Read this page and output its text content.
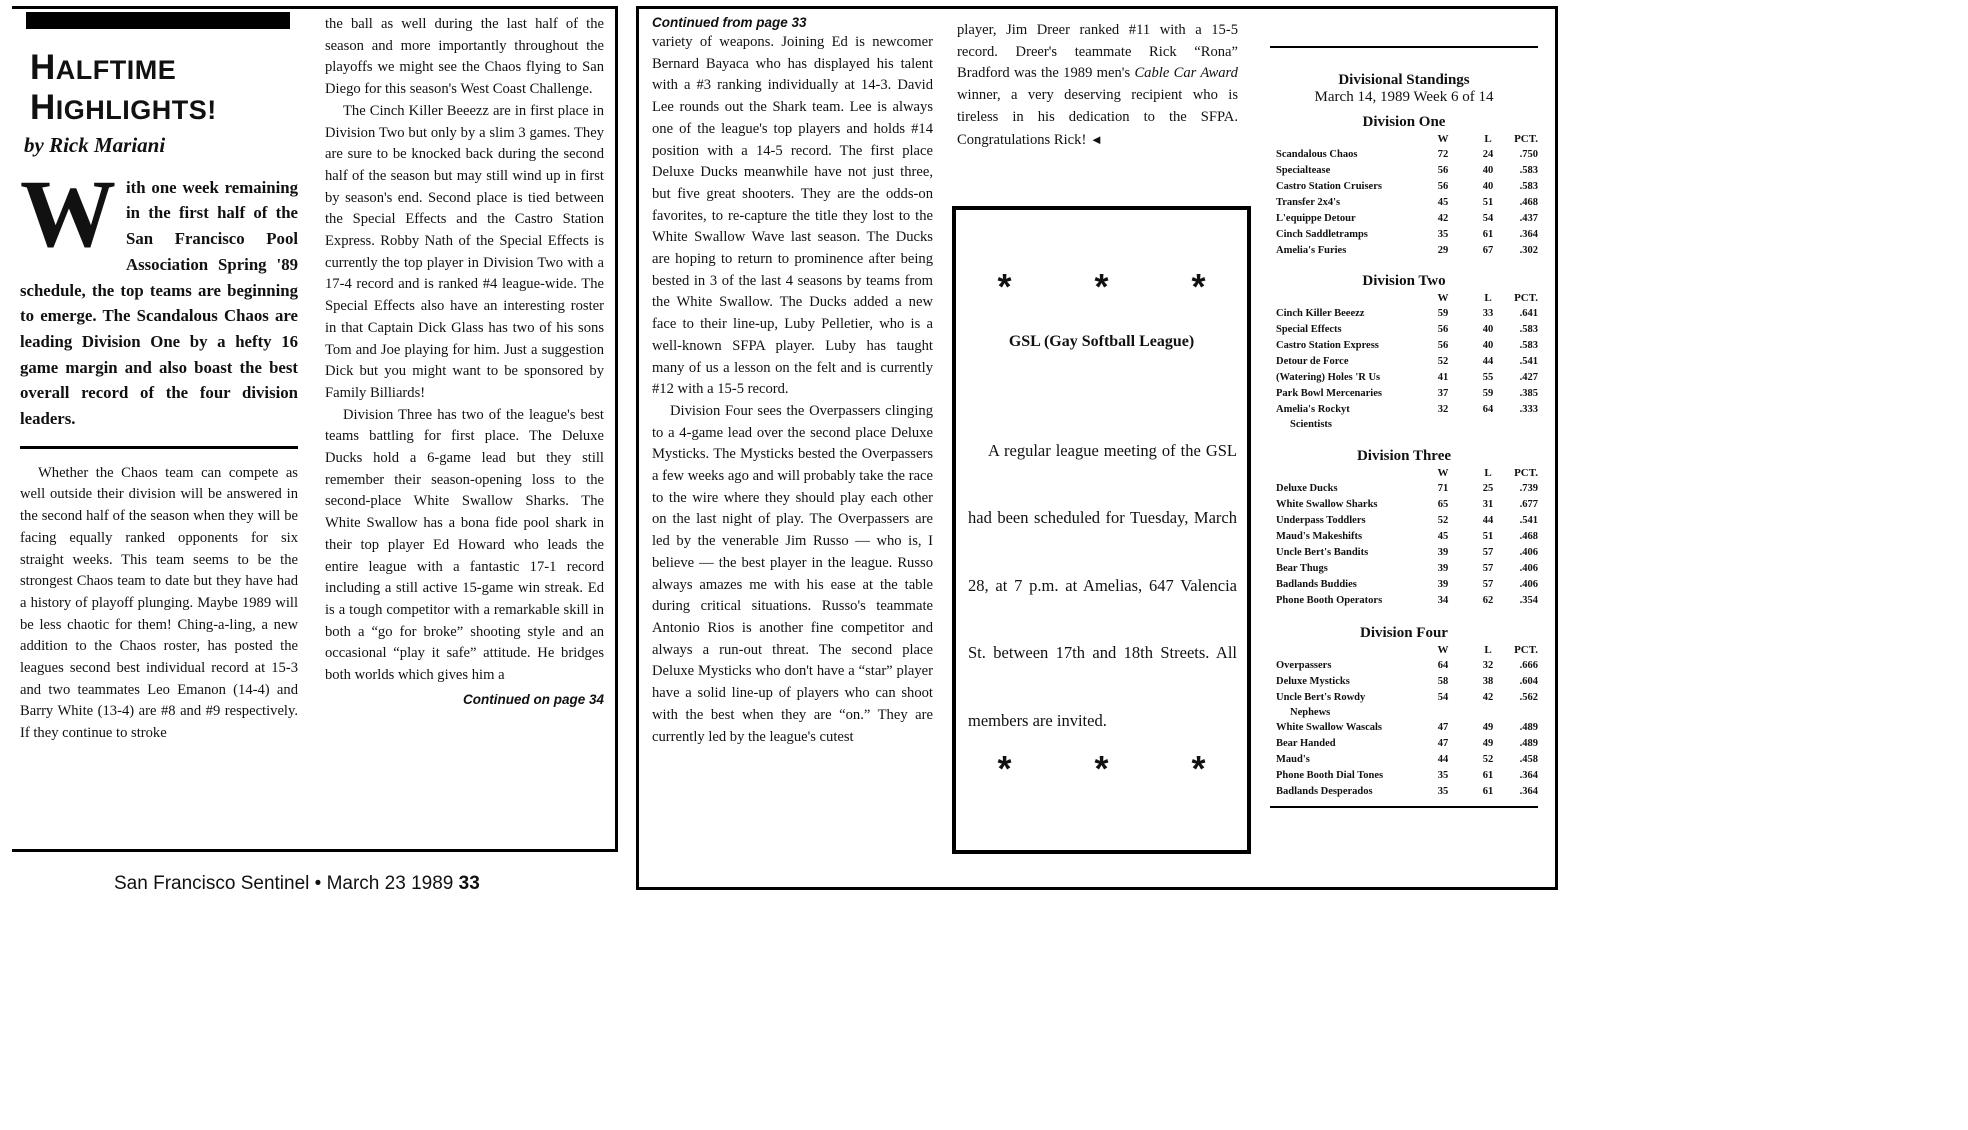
HALFTIME
HIGHLIGHTS!
by Rick Mariani
With one week remaining in the first half of the San Francisco Pool Association Spring '89 schedule, the top teams are beginning to emerge. The Scandalous Chaos are leading Division One by a hefty 16 game margin and also boast the best overall record of the four division leaders.

Whether the Chaos team can compete as well outside their division will be answered in the second half of the season when they will be facing equally ranked opponents for six straight weeks. This team seems to be the strongest Chaos team to date but they have had a history of playoff plunging. Maybe 1989 will be less chaotic for them! Ching-a-ling, a new addition to the Chaos roster, has posted the leagues second best individual record at 15-3 and two teammates Leo Emanon (14-4) and Barry White (13-4) are #8 and #9 respectively. If they continue to stroke

the ball as well during the last half of the season and more importantly throughout the playoffs we might see the Chaos flying to San Diego for this season's West Coast Challenge.

The Cinch Killer Beeezz are in first place in Division Two but only by a slim 3 games. They are sure to be knocked back during the second half of the season but may still wind up in first by season's end. Second place is tied between the Special Effects and the Castro Station Express. Robby Nath of the Special Effects is currently the top player in Division Two with a 17-4 record and is ranked #4 league-wide. The Special Effects also have an interesting roster in that Captain Dick Glass has two of his sons Tom and Joe playing for him. Just a suggestion Dick but you might want to be sponsored by Family Billiards!

Division Three has two of the league's best teams battling for first place. The Deluxe Ducks hold a 6-game lead but they still remember their season-opening loss to the second-place White Swallow Sharks. The White Swallow has a bona fide pool shark in their top player Ed Howard who leads the entire league with a fantastic 17-1 record including a still active 15-game win streak. Ed is a tough competitor with a remarkable skill in both a “go for broke” shooting style and an occasional “play it safe” attitude. He bridges both worlds which gives him a

Continued on page 34
San Francisco Sentinel • March 23 1989 33
Continued from page 33

variety of weapons. Joining Ed is newcomer Bernard Bayaca who has displayed his talent with a #3 ranking individually at 14-3. David Lee rounds out the Shark team. Lee is always one of the league's top players and holds #14 position with a 14-5 record. The first place Deluxe Ducks meanwhile have not just three, but five great shooters. They are the odds-on favorites, to re-capture the title they lost to the White Swallow Wave last season. The Ducks are hoping to return to prominence after being bested in 3 of the last 4 seasons by teams from the White Swallow. The Ducks added a new face to their line-up, Luby Pelletier, who is a well-known SFPA player. Luby has taught many of us a lesson on the felt and is currently #12 with a 15-5 record.

Division Four sees the Overpassers clinging to a 4-game lead over the second place Deluxe Mysticks. The Mysticks bested the Overpassers a few weeks ago and will probably take the race to the wire where they should play each other on the last night of play. The Overpassers are led by the venerable Jim Russo — who is, I believe — the best player in the league. Russo always amazes me with his ease at the table during critical situations. Russo's teammate Antonio Rios is another fine competitor and always a run-out threat. The second place Deluxe Mysticks who don't have a “star” player have a solid line-up of players who can shoot with the best when they are “on.” They are currently led by the league's cutest

player, Jim Dreer ranked #11 with a 15-5 record. Dreer's teammate Rick “Rona” Bradford was the 1989 men's Cable Car Award winner, a very deserving recipient who is tireless in his dedication to the SFPA. Congratulations Rick! ◄

*	*	*
GSL (Gay Softball League)

A regular league meeting of the GSL had been scheduled for Tuesday, March 28, at 7 p.m. at Amelias, 647 Valencia St. between 17th and 18th Streets. All members are invited.

*	*	*
Divisional Standings
March 14, 1989 Week 6 of 14
Division One
W	L	PCT.
Scandalous Chaos	72	24	.750
Specialtease	56	40	.583
Castro Station Cruisers	56	40	.583
Transfer 2x4's	45	51	.468
L'equippe Detour	42	54	.437
Cinch Saddletramps	35	61	.364
Amelia's Furies	29	67	.302
Division Two
W	L	PCT.
Cinch Killer Beeezz	59	33	.641
Special Effects	56	40	.583
Castro Station Express	56	40	.583
Detour de Force	52	44	.541
(Watering) Holes 'R Us	41	55	.427
Park Bowl Mercenaries	37	59	.385
Amelia's Rockyt	32	64	.333
Scientists
Division Three
W	L	PCT.
Deluxe Ducks	71	25	.739
White Swallow Sharks	65	31	.677
Underpass Toddlers	52	44	.541
Maud's Makeshifts	45	51	.468
Uncle Bert's Bandits	39	57	.406
Bear Thugs	39	57	.406
Badlands Buddies	39	57	.406
Phone Booth Operators	34	62	.354
Division Four
W	L	PCT.
Overpassers	64	32	.666
Deluxe Mysticks	58	38	.604
Uncle Bert's Rowdy	54	42	.562
Nephews
White Swallow Wascals	47	49	.489
Bear Handed	47	49	.489
Maud's	44	52	.458
Phone Booth Dial Tones	35	61	.364
Badlands Desperados	35	61	.364
